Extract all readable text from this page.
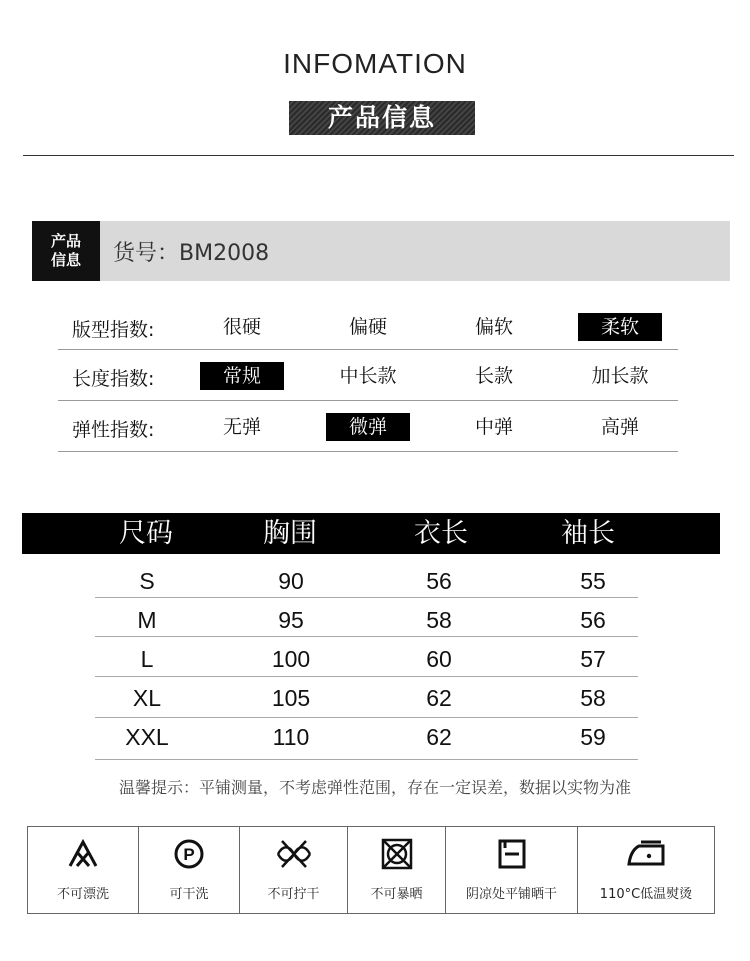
INFOMATION
产品信息
产品
信息	货号：BM2008
版型指数:	很硬	偏硬	偏软	柔软
长度指数:	常规	中长款	长款	加长款
弹性指数:	无弹	微弹	中弹	高弹
尺码	胸围	衣长	袖长
S	90	56	55
M	95	58	56
L	100	60	57
XL	105	62	58
XXL	110	62	59
温馨提示：平铺测量，不考虑弹性范围，存在一定误差，数据以实物为准
不可漂洗
P
可干洗	不可拧干	不可暴晒	阴凉处平铺晒干	110°C低温熨烫
